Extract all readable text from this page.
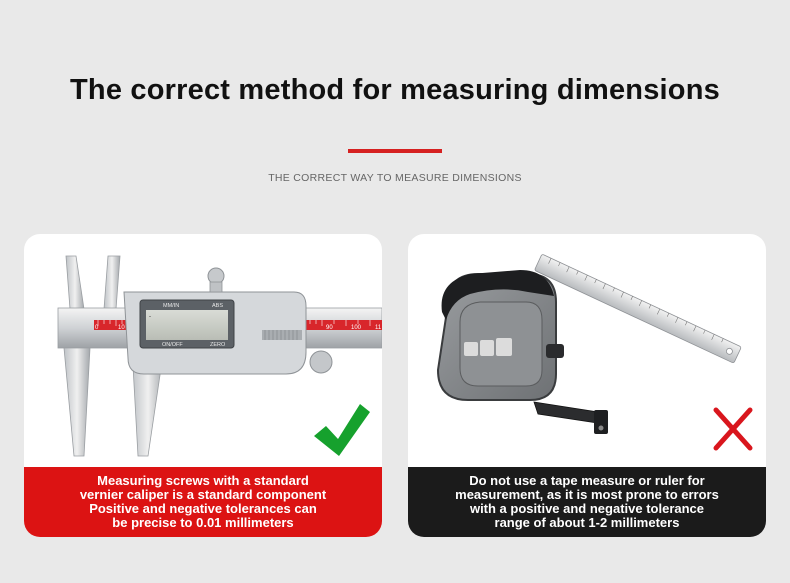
The correct method for measuring dimensions
THE CORRECT WAY TO MEASURE DIMENSIONS
0	10	90	100 11
-
MM/IN	ABS
ON/OFF	ZERO
Measuring screws with a standard
vernier caliper is a standard component
Positive and negative tolerances can
be precise to 0.01 millimeters
Do not use a tape measure or ruler for
measurement, as it is most prone to errors
with a positive and negative tolerance
range of about 1-2 millimeters
